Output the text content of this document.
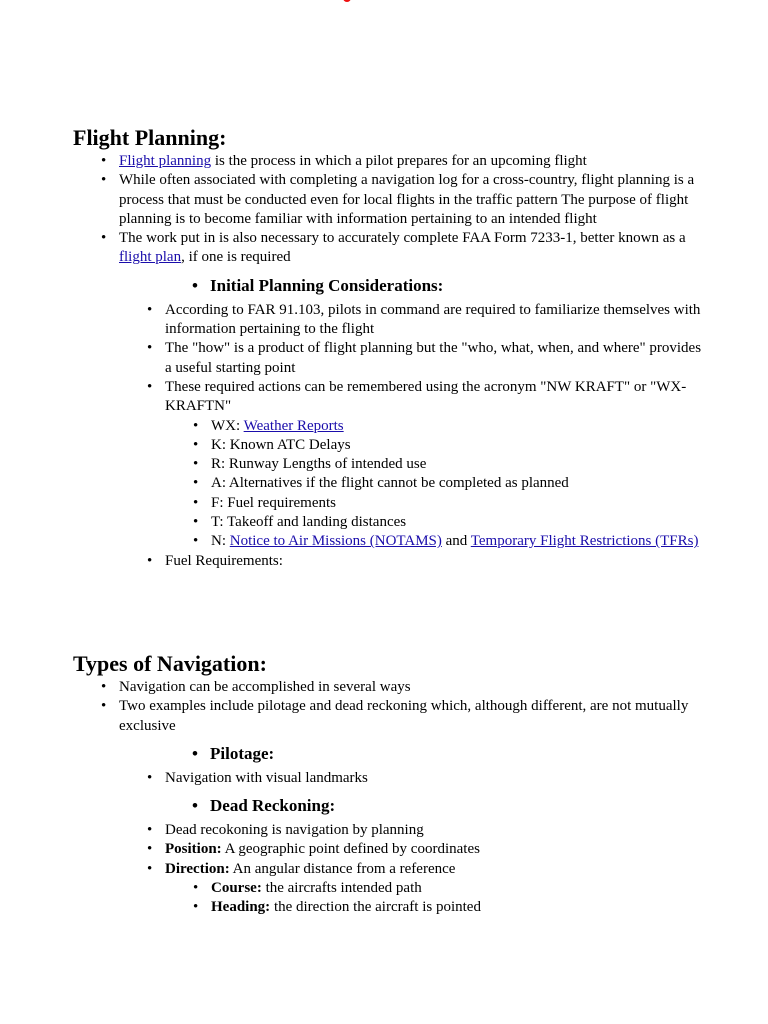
Flight Planning:
• Flight planning is the process in which a pilot prepares for an upcoming flight
• While often associated with completing a navigation log for a cross-country, flight planning is a process that must be conducted even for local flights in the traffic pattern The purpose of flight planning is to become familiar with information pertaining to an intended flight
• The work put in is also necessary to accurately complete FAA Form 7233-1, better known as a flight plan, if one is required
• Initial Planning Considerations:
• According to FAR 91.103, pilots in command are required to familiarize themselves with information pertaining to the flight
• The "how" is a product of flight planning but the "who, what, when, and where" provides a useful starting point
• These required actions can be remembered using the acronym "NW KRAFT" or "WX-KRAFTN"
• WX: Weather Reports
• K: Known ATC Delays
• R: Runway Lengths of intended use
• A: Alternatives if the flight cannot be completed as planned
• F: Fuel requirements
• T: Takeoff and landing distances
• N: Notice to Air Missions (NOTAMS) and Temporary Flight Restrictions (TFRs)
• Fuel Requirements:
Types of Navigation:
• Navigation can be accomplished in several ways
• Two examples include pilotage and dead reckoning which, although different, are not mutually exclusive
• Pilotage:
• Navigation with visual landmarks
• Dead Reckoning:
• Dead recokoning is navigation by planning
• Position: A geographic point defined by coordinates
• Direction: An angular distance from a reference
• Course: the aircrafts intended path
• Heading: the direction the aircraft is pointed
